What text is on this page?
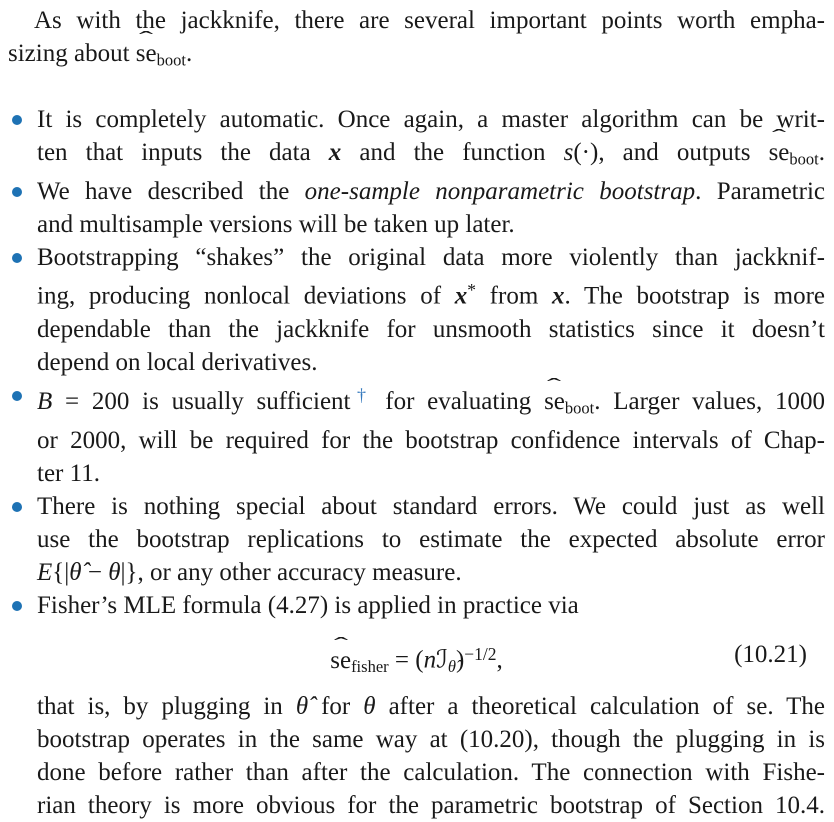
As with the jackknife, there are several important points worth empha-
sizing about ˆ seboot.
It is completely automatic. Once again, a master algorithm can be writ-
ten that inputs the data x and the function s(·), and outputs ˆ seboot.
We have described the one-sample nonparametric bootstrap. Parametric
and multisample versions will be taken up later.
Bootstrapping “shakes” the original data more violently than jackknif-
ing, producing nonlocal deviations of x* from x. The bootstrap is more
dependable than the jackknife for unsmooth statistics since it doesn’t
depend on local derivatives.
B = 200 is usually sufficient† for evaluating ˆ seboot. Larger values, 1000
or 2000, will be required for the bootstrap confidence intervals of Chap-
ter 11.
There is nothing special about standard errors. We could just as well
use the bootstrap replications to estimate the expected absolute error
E{|θ̂ − θ|}, or any other accuracy measure.
Fisher’s MLE formula (4.27) is applied in practice via
ˆ sefisher = (nℐθ̂)$^{-1/2}$,	(10.21)
that is, by plugging in θ̂ for θ after a theoretical calculation of se. The
bootstrap operates in the same way at (10.20), though the plugging in is
done before rather than after the calculation. The connection with Fishe-
rian theory is more obvious for the parametric bootstrap of Section 10.4.
